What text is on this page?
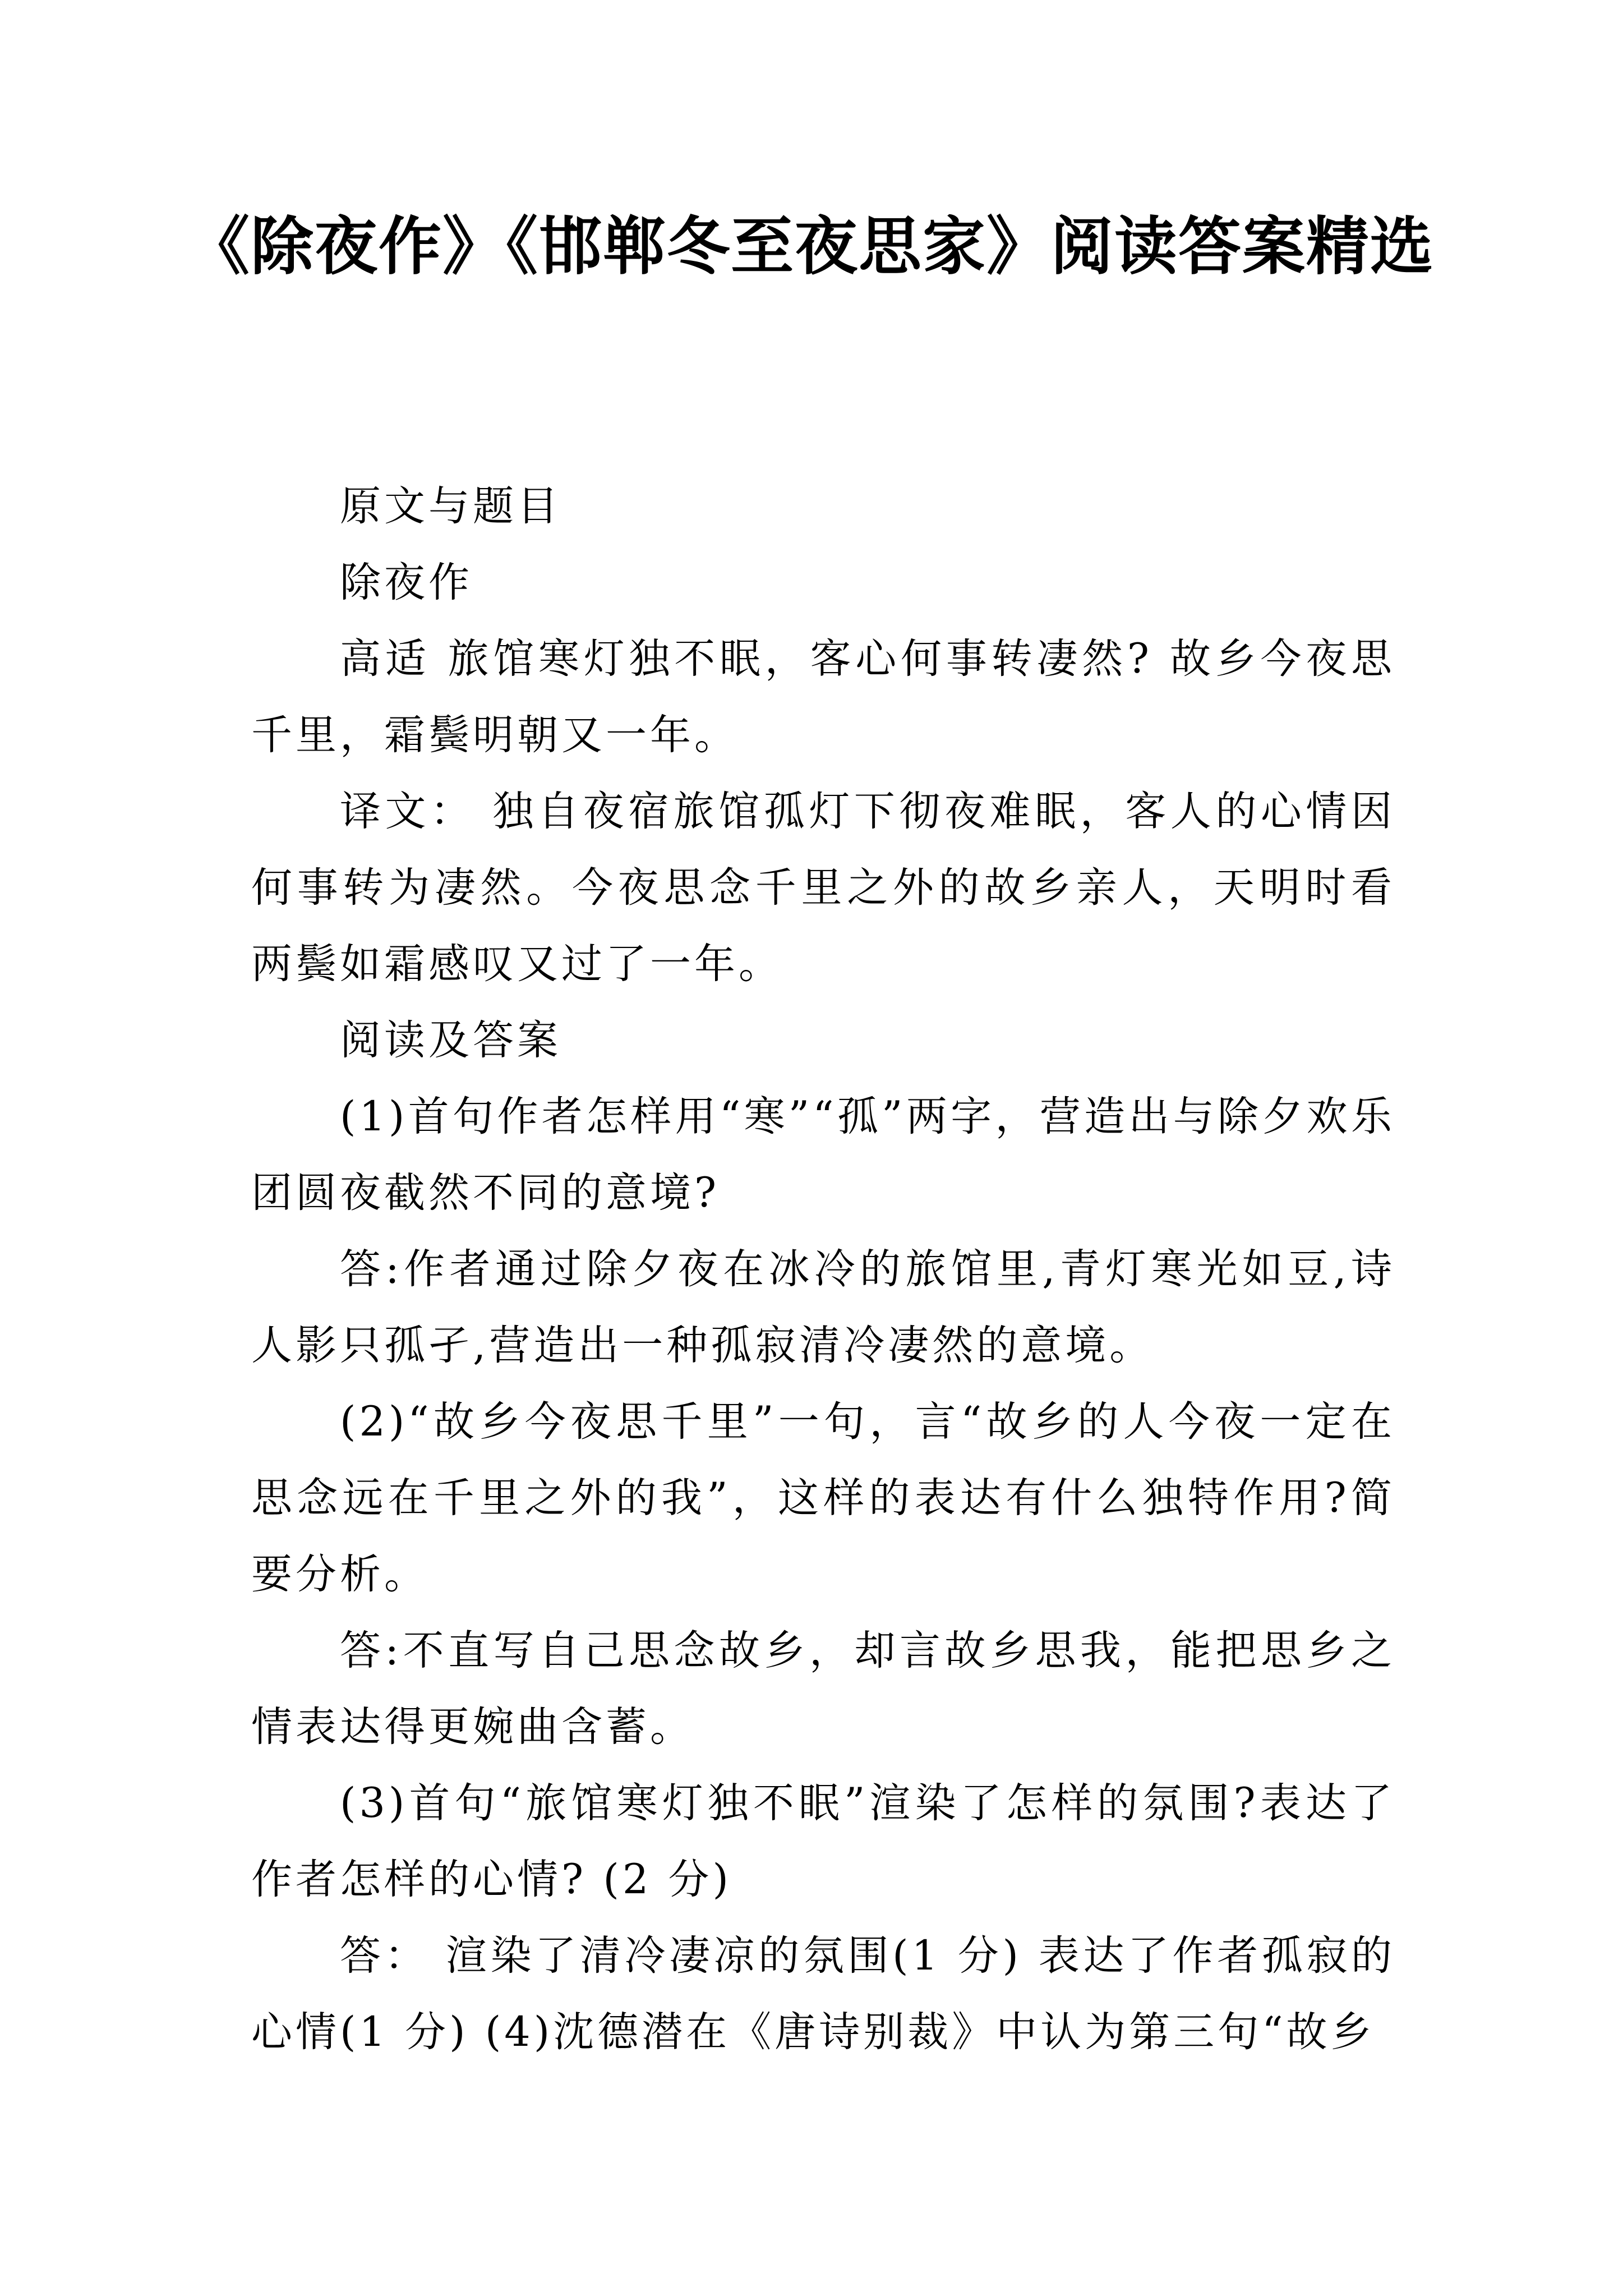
《除夜作》《邯郸冬至夜思家》阅读答案精选

原文与题目

除夜作

高适 旅馆寒灯独不眠，客心何事转凄然? 故乡今夜思千里，霜鬓明朝又一年。

译文： 独自夜宿旅馆孤灯下彻夜难眠，客人的心情因何事转为凄然。今夜思念千里之外的故乡亲人，天明时看两鬓如霜感叹又过了一年。

阅读及答案

(1)首句作者怎样用“寒”“孤”两字，营造出与除夕欢乐团圆夜截然不同的意境?

答:作者通过除夕夜在冰冷的旅馆里,青灯寒光如豆,诗人影只孤孑,营造出一种孤寂清冷凄然的意境。

(2)“故乡今夜思千里”一句，言“故乡的人今夜一定在思念远在千里之外的我”，这样的表达有什么独特作用?简要分析。

答:不直写自己思念故乡，却言故乡思我，能把思乡之情表达得更婉曲含蓄。

(3)首句“旅馆寒灯独不眠”渲染了怎样的氛围?表达了作者怎样的心情? (2 分)

答： 渲染了清冷凄凉的氛围(1 分) 表达了作者孤寂的心情(1 分) (4)沈德潜在《唐诗别裁》中认为第三句“故乡
